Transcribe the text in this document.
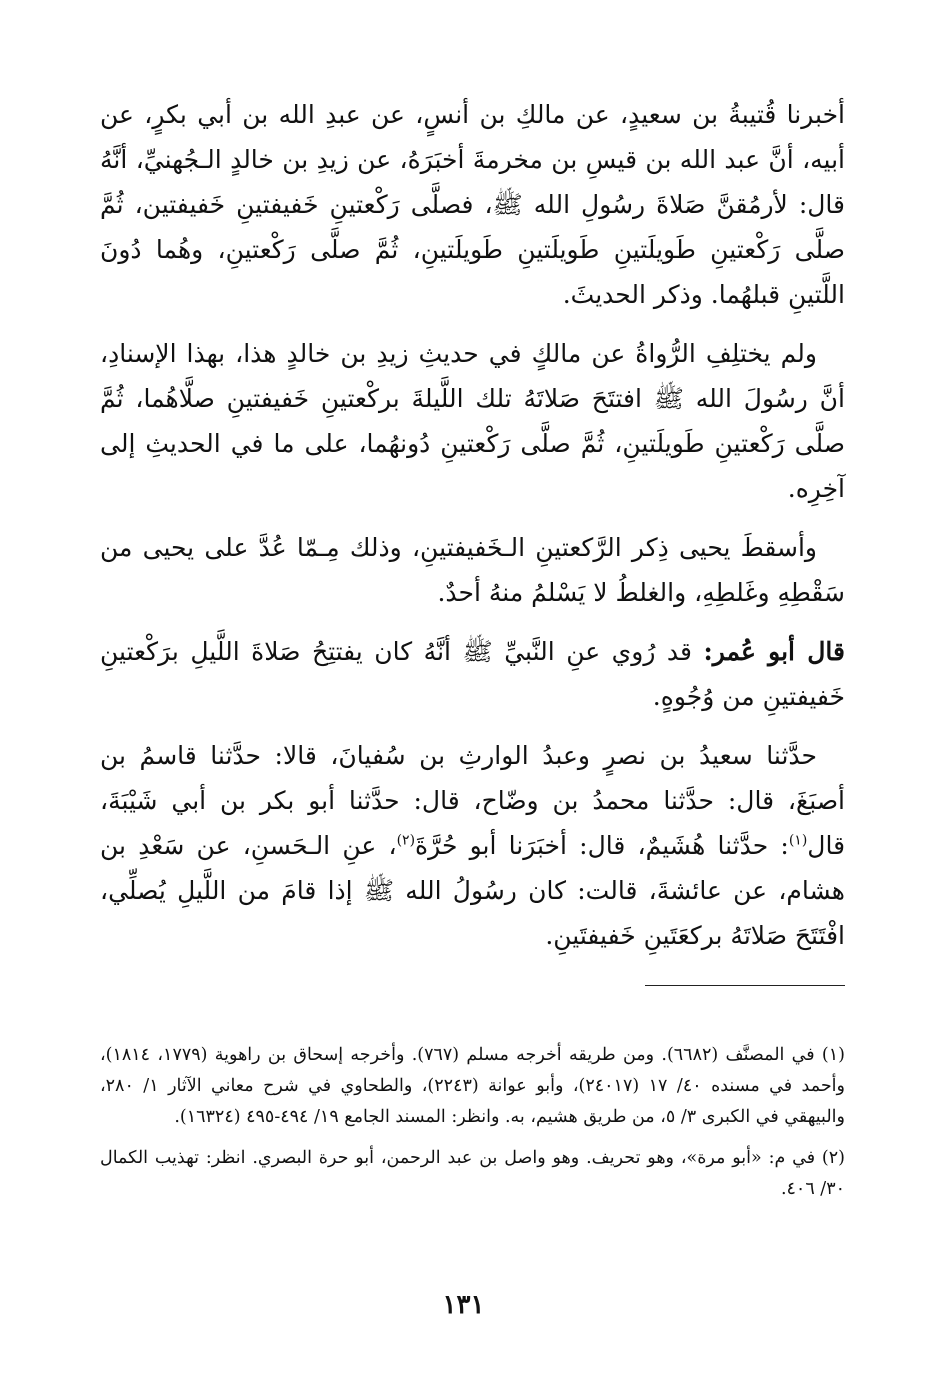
أخبرنا قُتيبةُ بن سعيدٍ، عن مالكِ بن أنسٍ، عن عبدِ الله بن أبي بكرٍ، عن أبيه، أنَّ عبد الله بن قيسِ بن مخرمةَ أخبَرَهُ، عن زيدِ بن خالدٍ الـجُهنيِّ، أنَّهُ قال: لأرمُقنَّ صَلاةَ رسُولِ الله ﷺ، فصلَّى رَكْعتينِ خَفيفتينِ خَفيفتين، ثُمَّ صلَّى رَكْعتينِ طَويلَتينِ طَويلَتينِ طَويلَتينِ، ثُمَّ صلَّى رَكْعتينِ، وهُما دُونَ اللَّتينِ قبلهُما. وذكر الحديثَ.

ولم يختلِفِ الرُّواةُ عن مالكٍ في حديثِ زيدِ بن خالدٍ هذا، بهذا الإسنادِ، أنَّ رسُولَ الله ﷺ افتتَحَ صَلاتَهُ تلك اللَّيلةَ بركْعتينِ خَفيفتينِ صلَّاهُما، ثُمَّ صلَّى رَكْعتينِ طَويلَتينِ، ثُمَّ صلَّى رَكْعتينِ دُونهُما، على ما في الحديثِ إلى آخِرِه.

وأسقطَ يحيى ذِكر الرَّكعتينِ الـخَفيفتينِ، وذلك مِـمّا عُدَّ على يحيى من سَقْطِهِ وغَلطِهِ، والغلطُ لا يَسْلمُ منهُ أحدٌ.

قال أبو عُمر: قد رُوي عنِ النَّبيِّ ﷺ أنَّهُ كان يفتتِحُ صَلاةَ اللَّيلِ برَكْعتينِ خَفيفتينِ من وُجُوهٍ.

حدَّثنا سعيدُ بن نصرٍ وعبدُ الوارثِ بن سُفيانَ، قالا: حدَّثنا قاسمُ بن أصبَغَ، قال: حدَّثنا محمدُ بن وضّاح، قال: حدَّثنا أبو بكر بن أبي شَيْبَةَ، قال$^{(١)}$: حدَّثنا هُشَيمٌ، قال: أخبَرَنا أبو حُرَّةَ$^{(٢)}$، عنِ الـحَسنِ، عن سَعْدِ بن هشام، عن عائشةَ، قالت: كان رسُولُ الله ﷺ إذا قامَ من اللَّيلِ يُصلِّي، افْتَتَحَ صَلاتَهُ بركعَتَينِ خَفيفتَينِ.

(١) في المصنَّف (٦٦٨٢). ومن طريقه أخرجه مسلم (٧٦٧). وأخرجه إسحاق بن راهوية (١٧٧٩، ١٨١٤)، وأحمد في مسنده ٤٠/ ١٧ (٢٤٠١٧)، وأبو عوانة (٢٢٤٣)، والطحاوي في شرح معاني الآثار ١/ ٢٨٠، والبيهقي في الكبرى ٣/ ٥، من طريق هشيم، به. وانظر: المسند الجامع ١٩/ ٤٩٤-٤٩٥ (١٦٣٢٤).

(٢) في م: «أبو مرة»، وهو تحريف. وهو واصل بن عبد الرحمن، أبو حرة البصري. انظر: تهذيب الكمال ٣٠/ ٤٠٦.

١٣١
